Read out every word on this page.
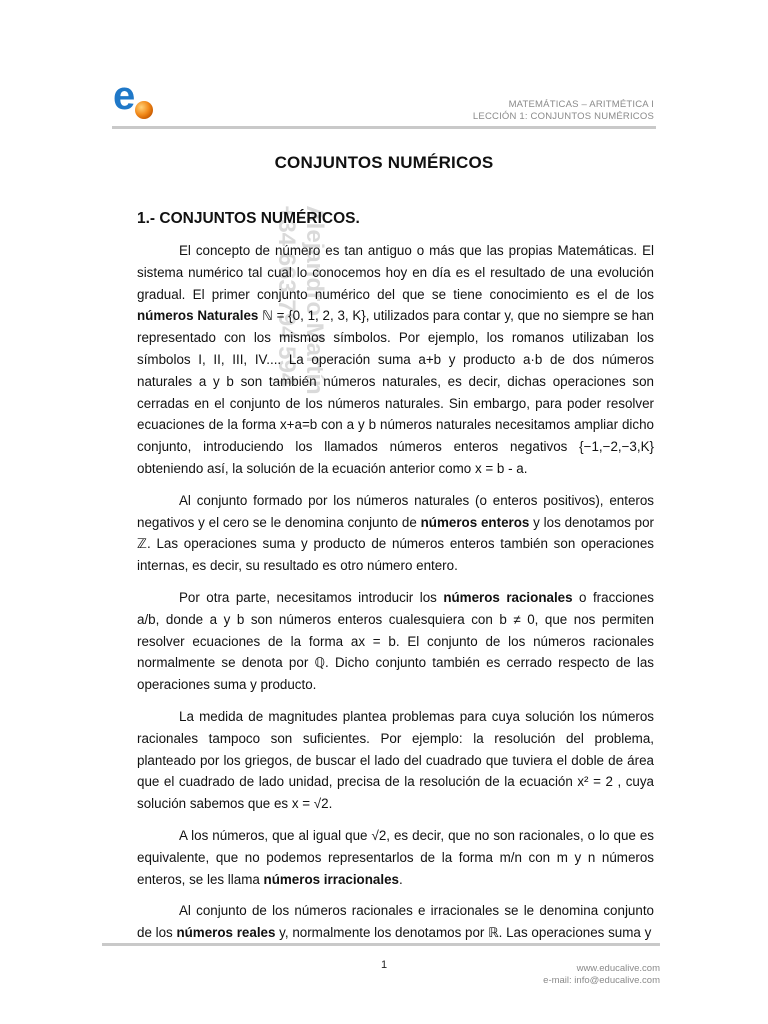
e	MATEMÁTICAS – ARITMÉTICA I
LECCIÓN 1: CONJUNTOS NUMÉRICOS
Alejandro Martín
+34 663 794 594
CONJUNTOS NUMÉRICOS
1.- CONJUNTOS NUMÉRICOS.

El concepto de número es tan antiguo o más que las propias Matemáticas. El sistema numérico tal cual lo conocemos hoy en día es el resultado de una evolución gradual. El primer conjunto numérico del que se tiene conocimiento es el de los números Naturales ℕ = {0, 1, 2, 3, K}, utilizados para contar y, que no siempre se han representado con los mismos símbolos. Por ejemplo, los romanos utilizaban los símbolos I, II, III, IV.... La operación suma a+b y producto a·b de dos números naturales a y b son también números naturales, es decir, dichas operaciones son cerradas en el conjunto de los números naturales. Sin embargo, para poder resolver ecuaciones de la forma x+a=b con a y b números naturales necesitamos ampliar dicho conjunto, introduciendo los llamados números enteros negativos {−1,−2,−3,K} obteniendo así, la solución de la ecuación anterior como x = b - a.

Al conjunto formado por los números naturales (o enteros positivos), enteros negativos y el cero se le denomina conjunto de números enteros y los denotamos por ℤ. Las operaciones suma y producto de números enteros también son operaciones internas, es decir, su resultado es otro número entero.

Por otra parte, necesitamos introducir los números racionales o fracciones a/b, donde a y b son números enteros cualesquiera con b ≠ 0, que nos permiten resolver ecuaciones de la forma ax = b. El conjunto de los números racionales normalmente se denota por ℚ. Dicho conjunto también es cerrado respecto de las operaciones suma y producto.

La medida de magnitudes plantea problemas para cuya solución los números racionales tampoco son suficientes. Por ejemplo: la resolución del problema, planteado por los griegos, de buscar el lado del cuadrado que tuviera el doble de área que el cuadrado de lado unidad, precisa de la resolución de la ecuación x² = 2 , cuya solución sabemos que es x = √2.

A los números, que al igual que √2, es decir, que no son racionales, o lo que es equivalente, que no podemos representarlos de la forma m/n con m y n números enteros, se les llama números irracionales.

Al conjunto de los números racionales e irracionales se le denomina conjunto de los números reales y, normalmente los denotamos por ℝ. Las operaciones suma y

1	www.educalive.com
e-mail: info@educalive.com
